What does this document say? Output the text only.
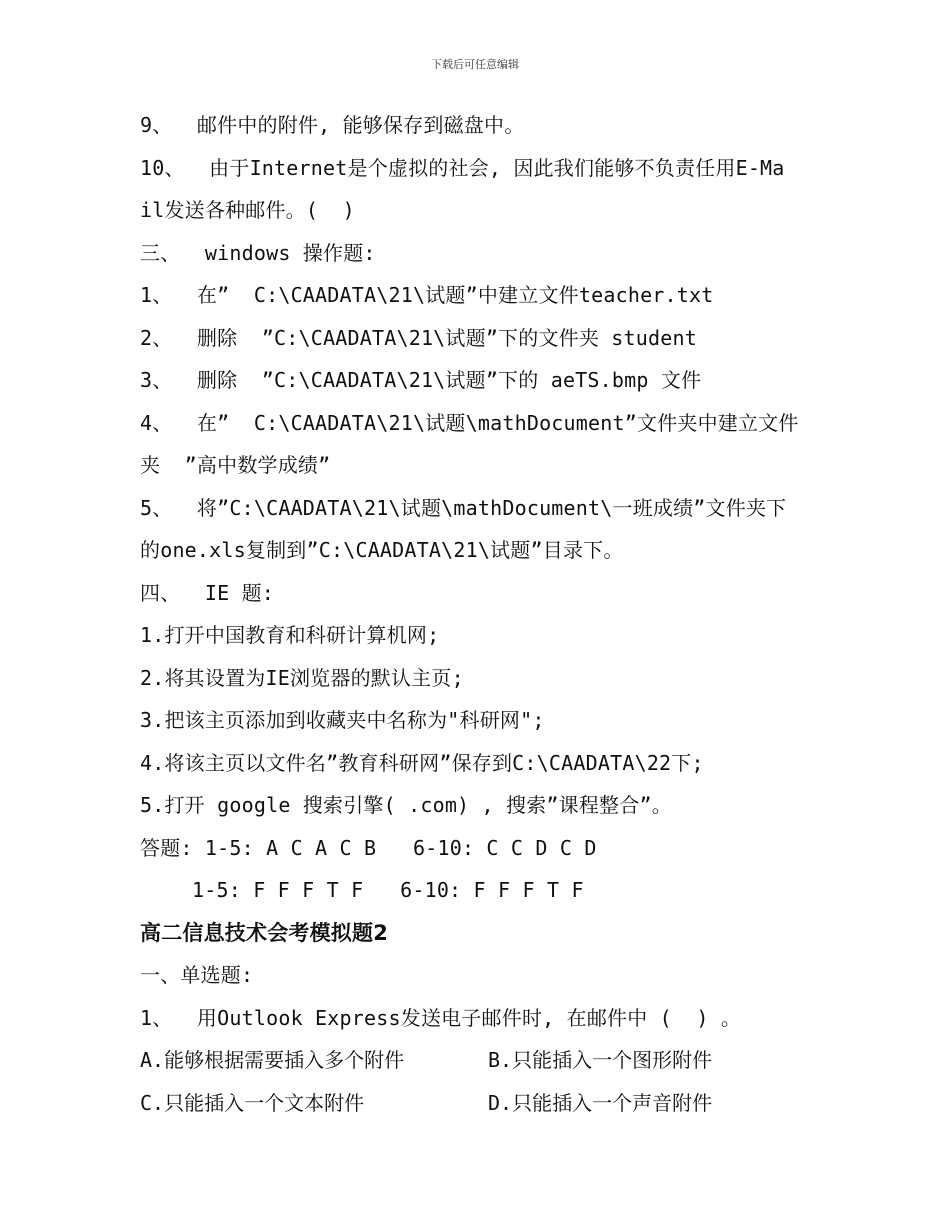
下载后可任意编辑
9、  邮件中的附件, 能够保存到磁盘中。
10、  由于Internet是个虚拟的社会, 因此我们能够不负责任用E-Ma
il发送各种邮件。(  )
三、  windows 操作题:
1、  在”  C:\CAADATA\21\试题”中建立文件teacher.txt
2、  删除  ”C:\CAADATA\21\试题”下的文件夹 student
3、  删除  ”C:\CAADATA\21\试题”下的 aeTS.bmp 文件
4、  在”  C:\CAADATA\21\试题\mathDocument”文件夹中建立文件
夹  ”高中数学成绩”
5、  将”C:\CAADATA\21\试题\mathDocument\一班成绩”文件夹下
的one.xls复制到”C:\CAADATA\21\试题”目录下。
四、  IE 题:
1.打开中国教育和科研计算机网;
2.将其设置为IE浏览器的默认主页;
3.把该主页添加到收藏夹中名称为"科研网";
4.将该主页以文件名”教育科研网”保存到C:\CAADATA\22下;
5.打开 google 搜索引擎( .com) , 搜索”课程整合”。
答题: 1-5: A C A C B   6-10: C C D C D
1-5: F F F T F   6-10: F F F T F
高二信息技术会考模拟题2
一、单选题:
1、  用Outlook Express发送电子邮件时, 在邮件中 (  ) 。
A.能够根据需要插入多个附件	B.只能插入一个图形附件
C.只能插入一个文本附件	D.只能插入一个声音附件
